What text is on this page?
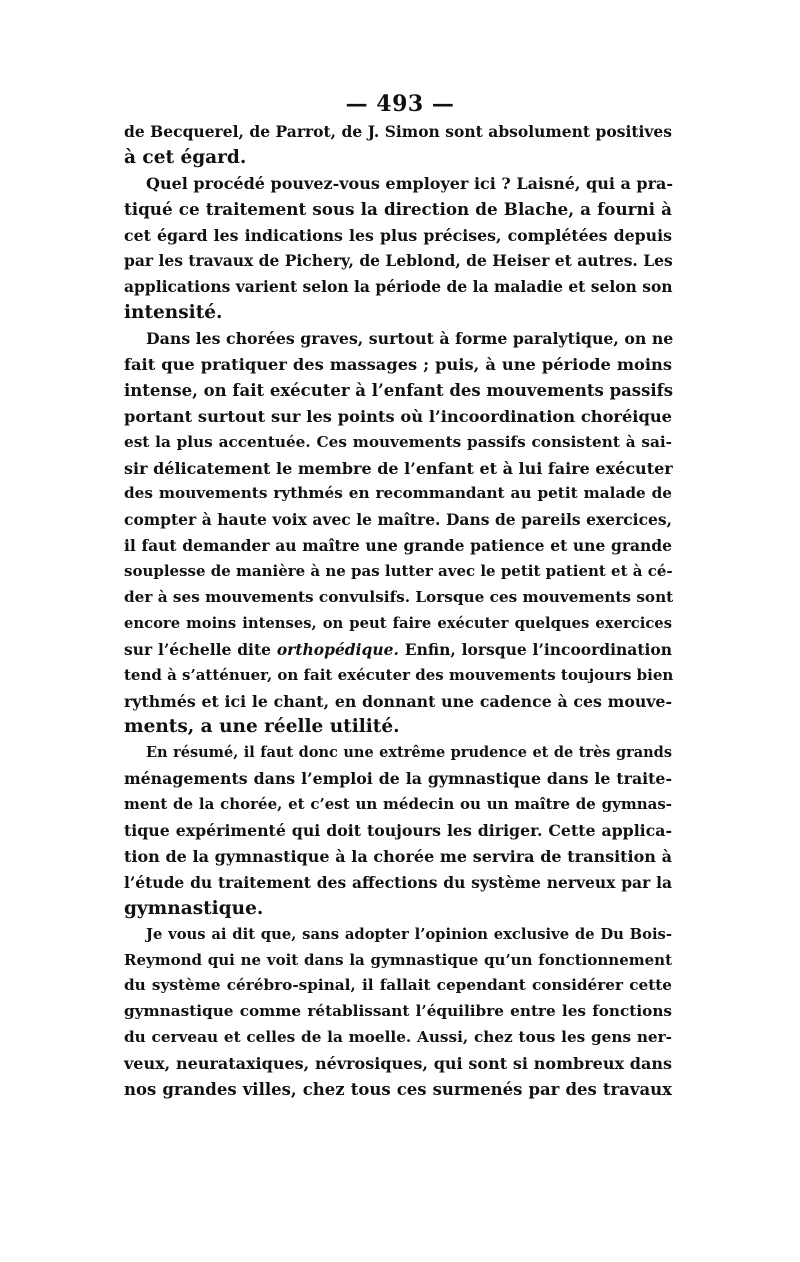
— 493 —
de Becquerel, de Parrot, de J. Simon sont absolument positives
à cet égard.
Quel procédé pouvez-vous employer ici ? Laisné, qui a pra-
tiqué ce traitement sous la direction de Blache, a fourni à
cet égard les indications les plus précises, complétées depuis
par les travaux de Pichery, de Leblond, de Heiser et autres. Les
applications varient selon la période de la maladie et selon son
intensité.
Dans les chorées graves, surtout à forme paralytique, on ne
fait que pratiquer des massages ; puis, à une période moins
intense, on fait exécuter à l’enfant des mouvements passifs
portant surtout sur les points où l’incoordination choréique
est la plus accentuée. Ces mouvements passifs consistent à sai-
sir délicatement le membre de l’enfant et à lui faire exécuter
des mouvements rythmés en recommandant au petit malade de
compter à haute voix avec le maître. Dans de pareils exercices,
il faut demander au maître une grande patience et une grande
souplesse de manière à ne pas lutter avec le petit patient et à cé-
der à ses mouvements convulsifs. Lorsque ces mouvements sont
encore moins intenses, on peut faire exécuter quelques exercices
sur l’échelle dite orthopédique. Enfin, lorsque l’incoordination
tend à s’atténuer, on fait exécuter des mouvements toujours bien
rythmés et ici le chant, en donnant une cadence à ces mouve-
ments, a une réelle utilité.
En résumé, il faut donc une extrême prudence et de très grands
ménagements dans l’emploi de la gymnastique dans le traite-
ment de la chorée, et c’est un médecin ou un maître de gymnas-
tique expérimenté qui doit toujours les diriger. Cette applica-
tion de la gymnastique à la chorée me servira de transition à
l’étude du traitement des affections du système nerveux par la
gymnastique.
Je vous ai dit que, sans adopter l’opinion exclusive de Du Bois-
Reymond qui ne voit dans la gymnastique qu’un fonctionnement
du système cérébro-spinal, il fallait cependant considérer cette
gymnastique comme rétablissant l’équilibre entre les fonctions
du cerveau et celles de la moelle. Aussi, chez tous les gens ner-
veux, neurataxiques, névrosiques, qui sont si nombreux dans
nos grandes villes, chez tous ces surmenés par des travaux
